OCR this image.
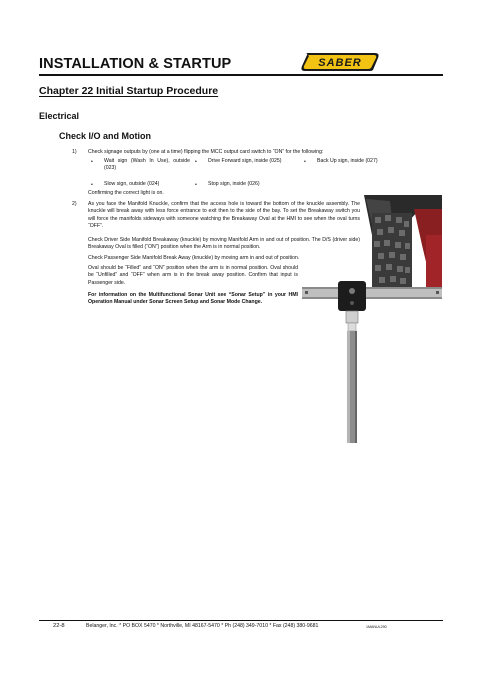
INSTALLATION & STARTUP	SABER
Chapter 22 Initial Startup Procedure
Electrical
Check I/O and Motion
1) Check signage outputs by (one at a time) flipping the MCC output card switch to “ON” for the following:
• Wait sign (Wash In Use), outside (023)
• Drive Forward sign, inside (025)	• Back Up sign, inside (027)
• Slow sign, outside (024)	• Stop sign, inside (026)
Confirming the correct light is on.
2) As you face the Manifold Knuckle, confirm that the access hole is toward the bottom of the knuckle assembly. The knuckle will break away with less force entrance to exit then to the side of the bay. To set the Breakaway switch you will force the manifolds sideways with someone watching the Breakaway Oval at the HMI to see when the oval turns “OFF”.
Check Driver Side Manifold Breakaway (knuckle) by moving Manifold Arm in and out of position. The D/S (driver side) Breakaway Oval is filled (“ON”) position when the Arm is in normal position.
Check Passenger Side Manifold Break Away (knuckle) by moving arm in and out of position.
Oval should be “Filled” and “ON” position when the arm is in normal position. Oval should be “Unfilled” and “OFF” when arm is in the break away position. Confirm that input is Passenger side.
For information on the Multifunctional Sonar Unit see “Sonar Setup” in your HMI Operation Manual under Sonar Screen Setup and Sonar Mode Change.
22-8	Belanger, Inc. * PO BOX 5470 * Northville, MI 48167-5470 * Ph (248) 349-7010 * Fax (248) 380-9681	1MANUL290
